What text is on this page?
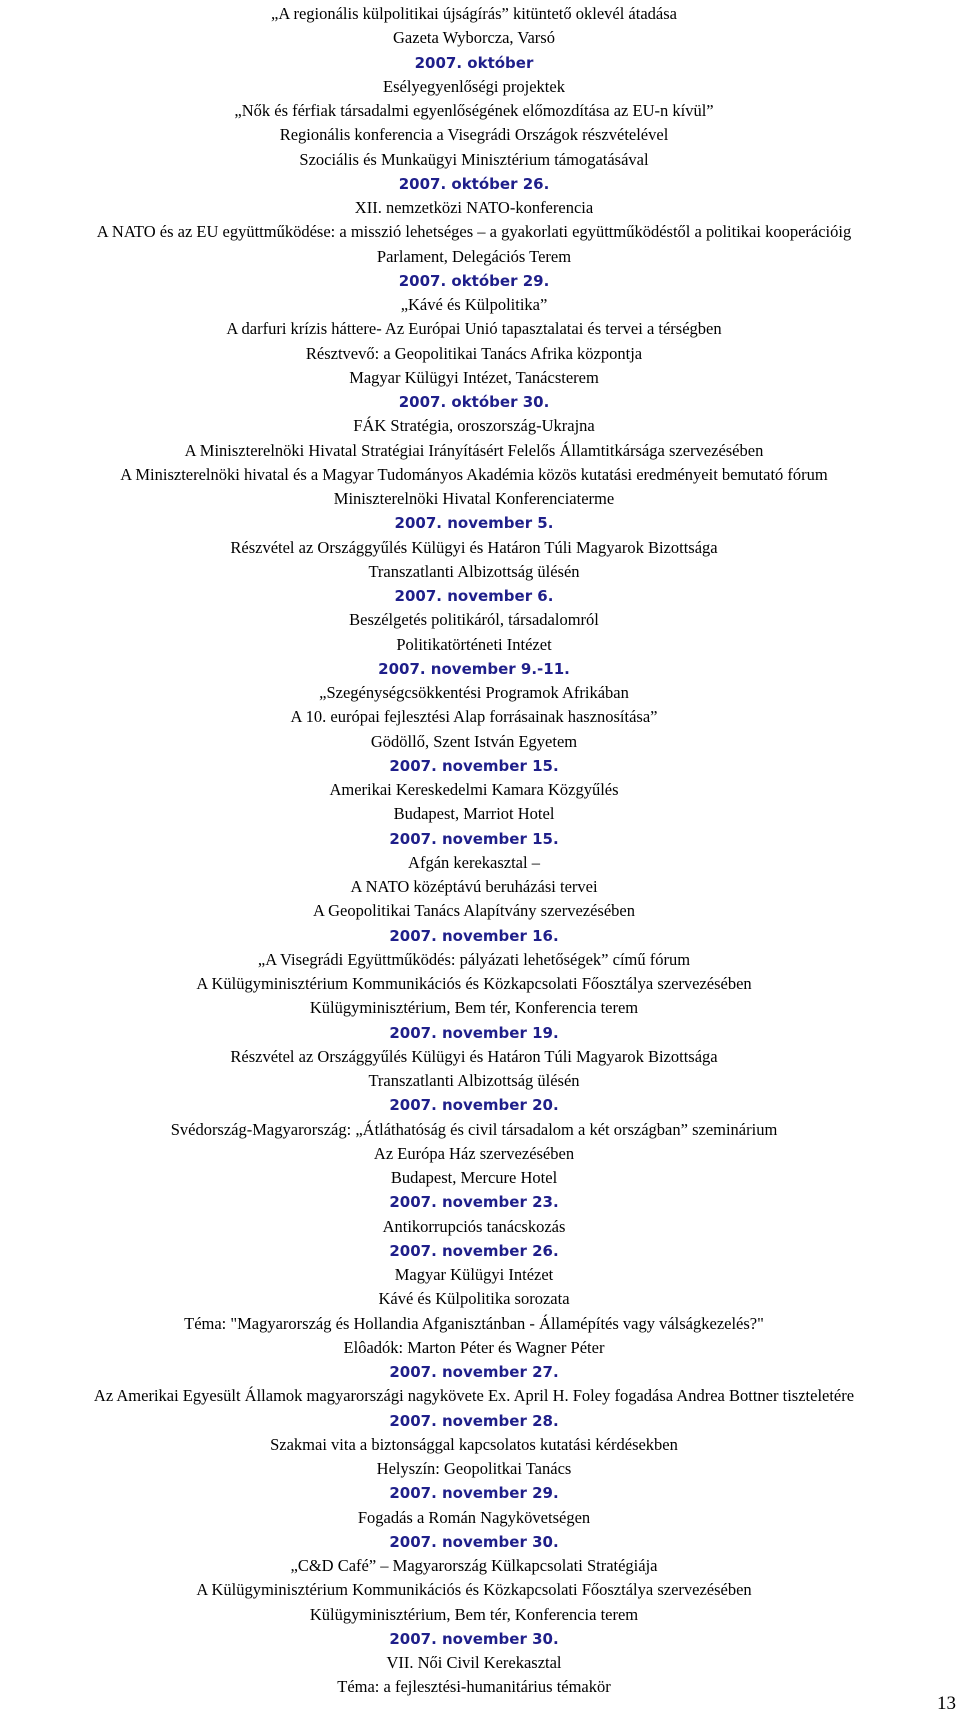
„A regionális külpolitikai újságírás” kitüntető oklevél átadása
Gazeta Wyborcza, Varsó
2007. október
Esélyegyenlőségi projektek
„Nők és férfiak társadalmi egyenlőségének előmozdítása az EU-n kívül”
Regionális konferencia a Visegrádi Országok részvételével
Szociális és Munkaügyi Minisztérium támogatásával
2007. október 26.
XII. nemzetközi NATO-konferencia
A NATO és az EU együttműködése: a misszió lehetséges – a gyakorlati együttműködéstől a politikai kooperációig
Parlament, Delegációs Terem
2007. október 29.
„Kávé és Külpolitika”
A darfuri krízis háttere- Az Európai Unió tapasztalatai és tervei a térségben
Résztvevő: a Geopolitikai Tanács Afrika központja
Magyar Külügyi Intézet, Tanácsterem
2007. október 30.
FÁK Stratégia, oroszország-Ukrajna
A Miniszterelnöki Hivatal Stratégiai Irányításért Felelős Államtitkársága szervezésében
A Miniszterelnöki hivatal és a Magyar Tudományos Akadémia közös kutatási eredményeit bemutató fórum
Miniszterelnöki Hivatal Konferenciaterme
2007. november 5.
Részvétel az Országgyűlés Külügyi és Határon Túli Magyarok Bizottsága
Transzatlanti Albizottság ülésén
2007. november 6.
Beszélgetés politikáról, társadalomról
Politikatörténeti Intézet
2007. november 9.-11.
„Szegénységcsökkentési Programok Afrikában
A 10. európai fejlesztési Alap forrásainak hasznosítása”
Gödöllő, Szent István Egyetem
2007. november 15.
Amerikai Kereskedelmi Kamara Közgyűlés
Budapest, Marriot Hotel
2007. november 15.
Afgán kerekasztal –
A NATO középtávú beruházási tervei
A Geopolitikai Tanács Alapítvány szervezésében
2007. november 16.
„A Visegrádi Együttműködés: pályázati lehetőségek” című fórum
A Külügyminisztérium Kommunikációs és Közkapcsolati Főosztálya szervezésében
Külügyminisztérium, Bem tér, Konferencia terem
2007. november 19.
Részvétel az Országgyűlés Külügyi és Határon Túli Magyarok Bizottsága
Transzatlanti Albizottság ülésén
2007. november 20.
Svédország-Magyarország: „Átláthatóság és civil társadalom a két országban” szeminárium
Az Európa Ház szervezésében
Budapest, Mercure Hotel
2007. november 23.
Antikorrupciós tanácskozás
2007. november 26.
Magyar Külügyi Intézet
Kávé és Külpolitika sorozata
Téma: "Magyarország és Hollandia Afganisztánban - Államépítés vagy válságkezelés?"
Elôadók: Marton Péter és Wagner Péter
2007. november 27.
Az Amerikai Egyesült Államok magyarországi nagykövete Ex. April H. Foley fogadása Andrea Bottner tiszteletére
2007. november 28.
Szakmai vita a biztonsággal kapcsolatos kutatási kérdésekben
Helyszín: Geopolitkai Tanács
2007. november 29.
Fogadás a Román Nagykövetségen
2007. november 30.
„C&D Café” – Magyarország Külkapcsolati Stratégiája
A Külügyminisztérium Kommunikációs és Közkapcsolati Főosztálya szervezésében
Külügyminisztérium, Bem tér, Konferencia terem
2007. november 30.
VII. Női Civil Kerekasztal
Téma: a fejlesztési-humanitárius témakör
13
